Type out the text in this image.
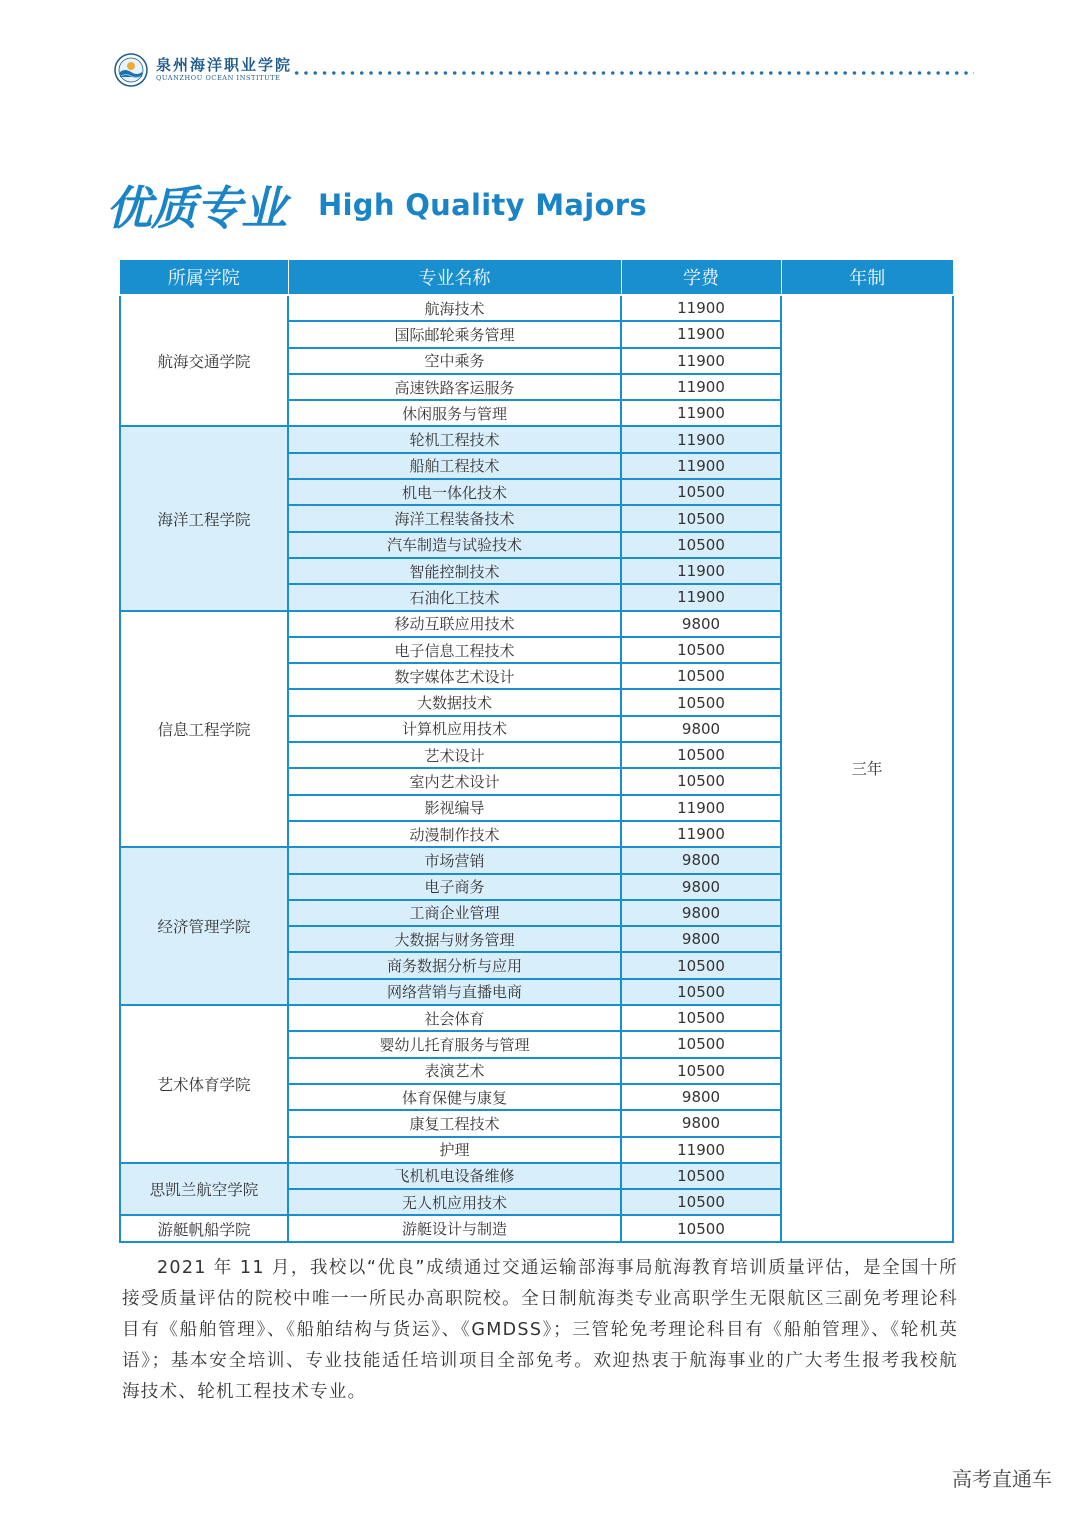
泉州海洋职业学院
QUANZHOU OCEAN INSTITUTE
优质专业 High Quality Majors
所属学院	专业名称	学费	年制
航海交通学院	航海技术	11900	三年
	国际邮轮乘务管理	11900	
	空中乘务	11900	
	高速铁路客运服务	11900	
	休闲服务与管理	11900	
海洋工程学院	轮机工程技术	11900	
	船舶工程技术	11900	
	机电一体化技术	10500	
	海洋工程装备技术	10500	
	汽车制造与试验技术	10500	
	智能控制技术	11900	
	石油化工技术	11900	
信息工程学院	移动互联应用技术	9800	
	电子信息工程技术	10500	
	数字媒体艺术设计	10500	
	大数据技术	10500	
	计算机应用技术	9800	
	艺术设计	10500	
	室内艺术设计	10500	
	影视编导	11900	
	动漫制作技术	11900	
经济管理学院	市场营销	9800	
	电子商务	9800	
	工商企业管理	9800	
	大数据与财务管理	9800	
	商务数据分析与应用	10500	
	网络营销与直播电商	10500	
艺术体育学院	社会体育	10500	
	婴幼儿托育服务与管理	10500	
	表演艺术	10500	
	体育保健与康复	9800	
	康复工程技术	9800	
	护理	11900	
思凯兰航空学院	飞机机电设备维修	10500	
	无人机应用技术	10500	
游艇帆船学院	游艇设计与制造	10500	

2021 年 11 月，我校以“优良”成绩通过交通运输部海事局航海教育培训质量评估，是全国十所接受质量评估的院校中唯一一所民办高职院校。全日制航海类专业高职学生无限航区三副免考理论科目有《船舶管理》、《船舶结构与货运》、《GMDSS》；三管轮免考理论科目有《船舶管理》、《轮机英语》；基本安全培训、专业技能适任培训项目全部免考。欢迎热衷于航海事业的广大考生报考我校航海技术、轮机工程技术专业。

高考直通车
